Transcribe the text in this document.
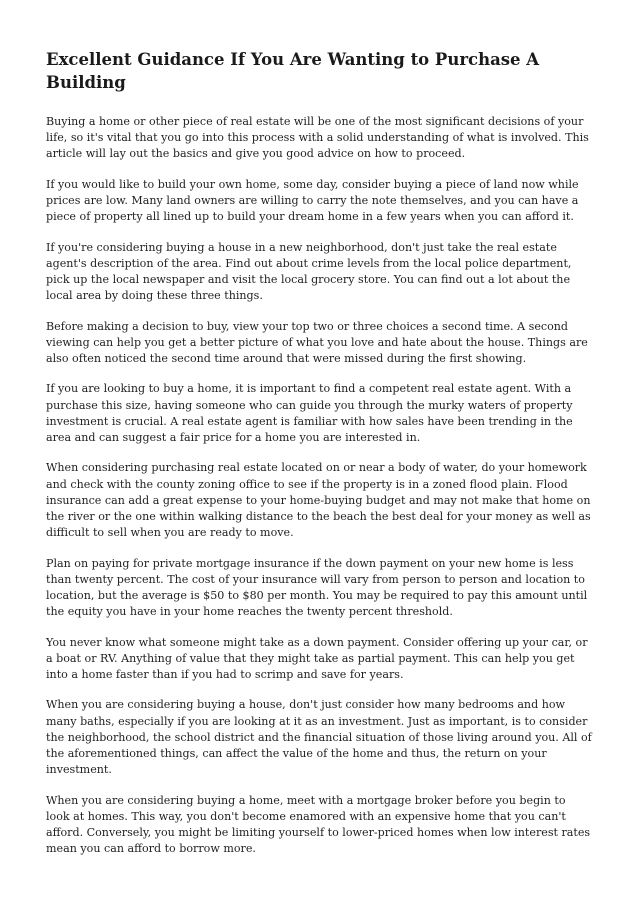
Excellent Guidance If You Are Wanting to Purchase A Building

Buying a home or other piece of real estate will be one of the most significant decisions of your life, so it's vital that you go into this process with a solid understanding of what is involved. This article will lay out the basics and give you good advice on how to proceed.

If you would like to build your own home, some day, consider buying a piece of land now while prices are low. Many land owners are willing to carry the note themselves, and you can have a piece of property all lined up to build your dream home in a few years when you can afford it.

If you're considering buying a house in a new neighborhood, don't just take the real estate agent's description of the area. Find out about crime levels from the local police department, pick up the local newspaper and visit the local grocery store. You can find out a lot about the local area by doing these three things.

Before making a decision to buy, view your top two or three choices a second time. A second viewing can help you get a better picture of what you love and hate about the house. Things are also often noticed the second time around that were missed during the first showing.

If you are looking to buy a home, it is important to find a competent real estate agent. With a purchase this size, having someone who can guide you through the murky waters of property investment is crucial. A real estate agent is familiar with how sales have been trending in the area and can suggest a fair price for a home you are interested in.

When considering purchasing real estate located on or near a body of water, do your homework and check with the county zoning office to see if the property is in a zoned flood plain. Flood insurance can add a great expense to your home-buying budget and may not make that home on the river or the one within walking distance to the beach the best deal for your money as well as difficult to sell when you are ready to move.

Plan on paying for private mortgage insurance if the down payment on your new home is less than twenty percent. The cost of your insurance will vary from person to person and location to location, but the average is $50 to $80 per month. You may be required to pay this amount until the equity you have in your home reaches the twenty percent threshold.

You never know what someone might take as a down payment. Consider offering up your car, or a boat or RV. Anything of value that they might take as partial payment. This can help you get into a home faster than if you had to scrimp and save for years.

When you are considering buying a house, don't just consider how many bedrooms and how many baths, especially if you are looking at it as an investment. Just as important, is to consider the neighborhood, the school district and the financial situation of those living around you. All of the aforementioned things, can affect the value of the home and thus, the return on your investment.

When you are considering buying a home, meet with a mortgage broker before you begin to look at homes. This way, you don't become enamored with an expensive home that you can't afford. Conversely, you might be limiting yourself to lower-priced homes when low interest rates mean you can afford to borrow more.
